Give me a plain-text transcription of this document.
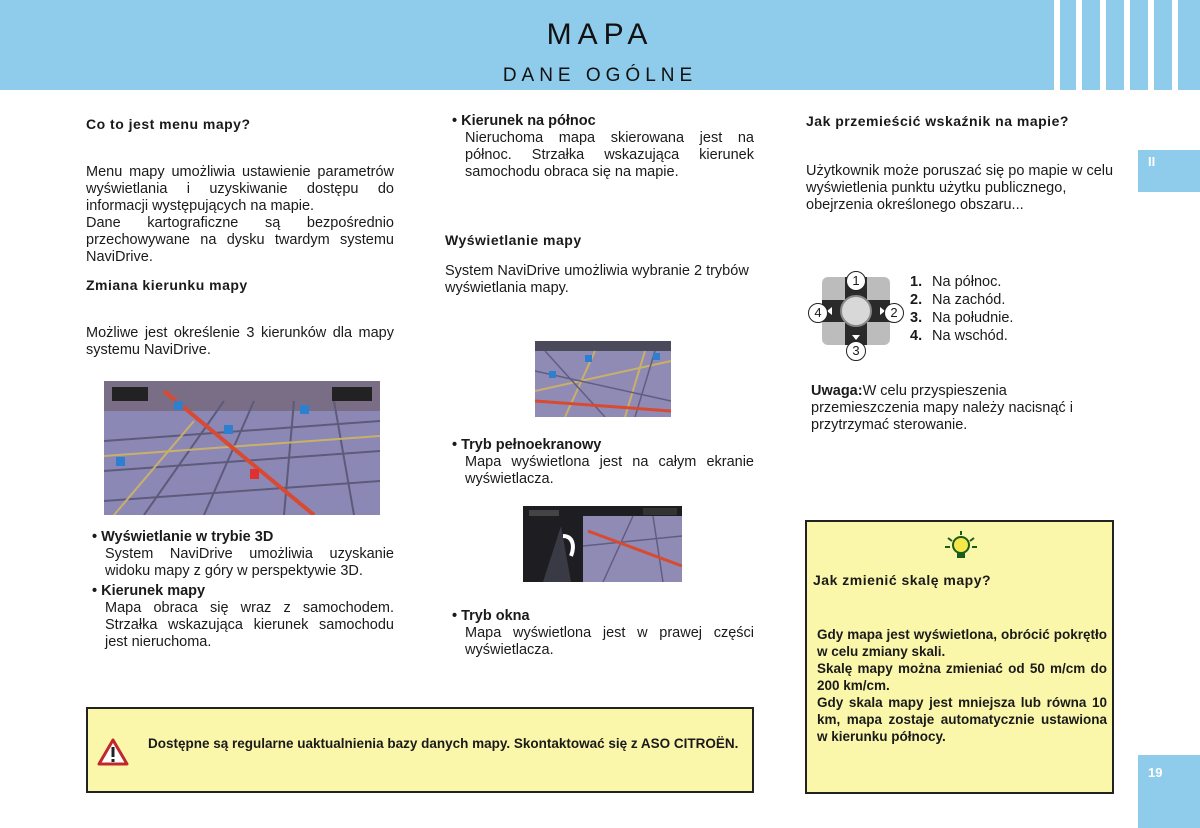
MAPA
DANE OGÓLNE
II
19
Co to jest menu mapy?
Menu mapy umożliwia ustawienie parametrów wyświetlania i uzyskiwanie dostępu do informacji występujących na mapie.
Dane kartograficzne są bezpośrednio przechowywane na dysku twardym systemu NaviDrive.
Zmiana kierunku mapy
Możliwe jest określenie 3 kierunków dla mapy systemu NaviDrive.
• Wyświetlanie w trybie 3D
System NaviDrive umożliwia uzyskanie widoku mapy z góry w perspektywie 3D.
• Kierunek mapy
Mapa obraca się wraz z samochodem. Strzałka wskazująca kierunek samochodu jest nieruchoma.
• Kierunek na północ
Nieruchoma mapa skierowana jest na północ. Strzałka wskazująca kierunek samochodu obraca się na mapie.
Wyświetlanie mapy
System NaviDrive umożliwia wybranie 2 trybów wyświetlania mapy.
• Tryb pełnoekranowy
Mapa wyświetlona jest na całym ekranie wyświetlacza.
• Tryb okna
Mapa wyświetlona jest w prawej części wyświetlacza.
Jak przemieścić wskaźnik na mapie?
Użytkownik może poruszać się po mapie w celu wyświetlenia punktu użytku publicznego, obejrzenia określonego obszaru...
1
2
3
4
1. Na północ.
2. Na zachód.
3. Na południe.
4. Na wschód.
Uwaga:W celu przyspieszenia przemieszczenia mapy należy nacisnąć i przytrzymać sterowanie.
Jak zmienić skalę mapy?
Gdy mapa jest wyświetlona, obrócić pokrętło w celu zmiany skali.
Skalę mapy można zmieniać od 50 m/cm do 200 km/cm.
Gdy skala mapy jest mniejsza lub równa 10 km, mapa zostaje automatycznie ustawiona w kierunku północy.
Dostępne są regularne uaktualnienia bazy danych mapy. Skontaktować się z ASO CITROËN.
